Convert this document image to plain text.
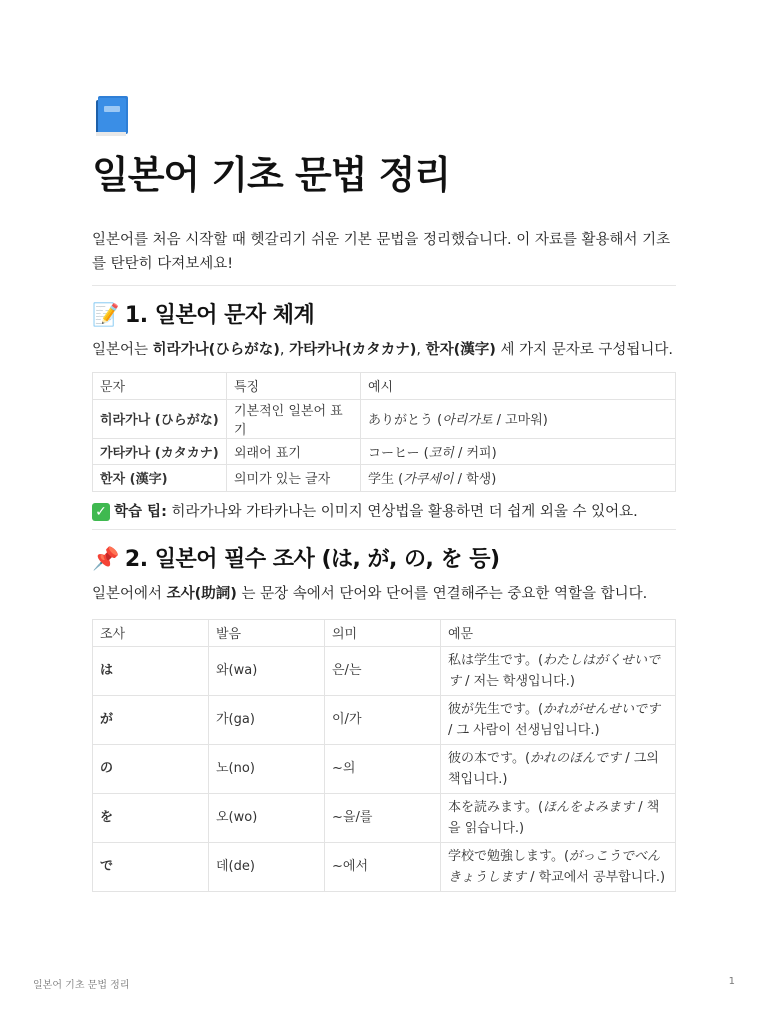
일본어 기초 문법 정리

일본어를 처음 시작할 때 헷갈리기 쉬운 기본 문법을 정리했습니다. 이 자료를 활용해서 기초를 탄탄히 다져보세요!

📝 1. 일본어 문자 체계

일본어는 히라가나(ひらがな), 가타카나(カタカナ), 한자(漢字) 세 가지 문자로 구성됩니다.

문자	특징	예시
히라가나 (ひらがな)	기본적인 일본어 표기	ありがとう (아리가토 / 고마워)
가타카나 (カタカナ)	외래어 표기	コーヒー (코히 / 커피)
한자 (漢字)	의미가 있는 글자	学生 (가쿠세이 / 학생)
✓ 학습 팁: 히라가나와 가타카나는 이미지 연상법을 활용하면 더 쉽게 외울 수 있어요.
📌 2. 일본어 필수 조사 (は, が, の, を 등)

일본어에서 조사(助詞) 는 문장 속에서 단어와 단어를 연결해주는 중요한 역할을 합니다.

조사	발음	의미	예문
は	와(wa)	은/는	私は学生です。(わたしはがくせいです / 저는 학생입니다.)
が	가(ga)	이/가	彼が先生です。(かれがせんせいです / 그 사람이 선생님입니다.)
の	노(no)	~의	彼の本です。(かれのほんです / 그의 책입니다.)
を	오(wo)	~을/를	本を読みます。(ほんをよみます / 책을 읽습니다.)
で	데(de)	~에서	学校で勉強します。(がっこうでべんきょうします / 학교에서 공부합니다.)
일본어 기초 문법 정리	1
